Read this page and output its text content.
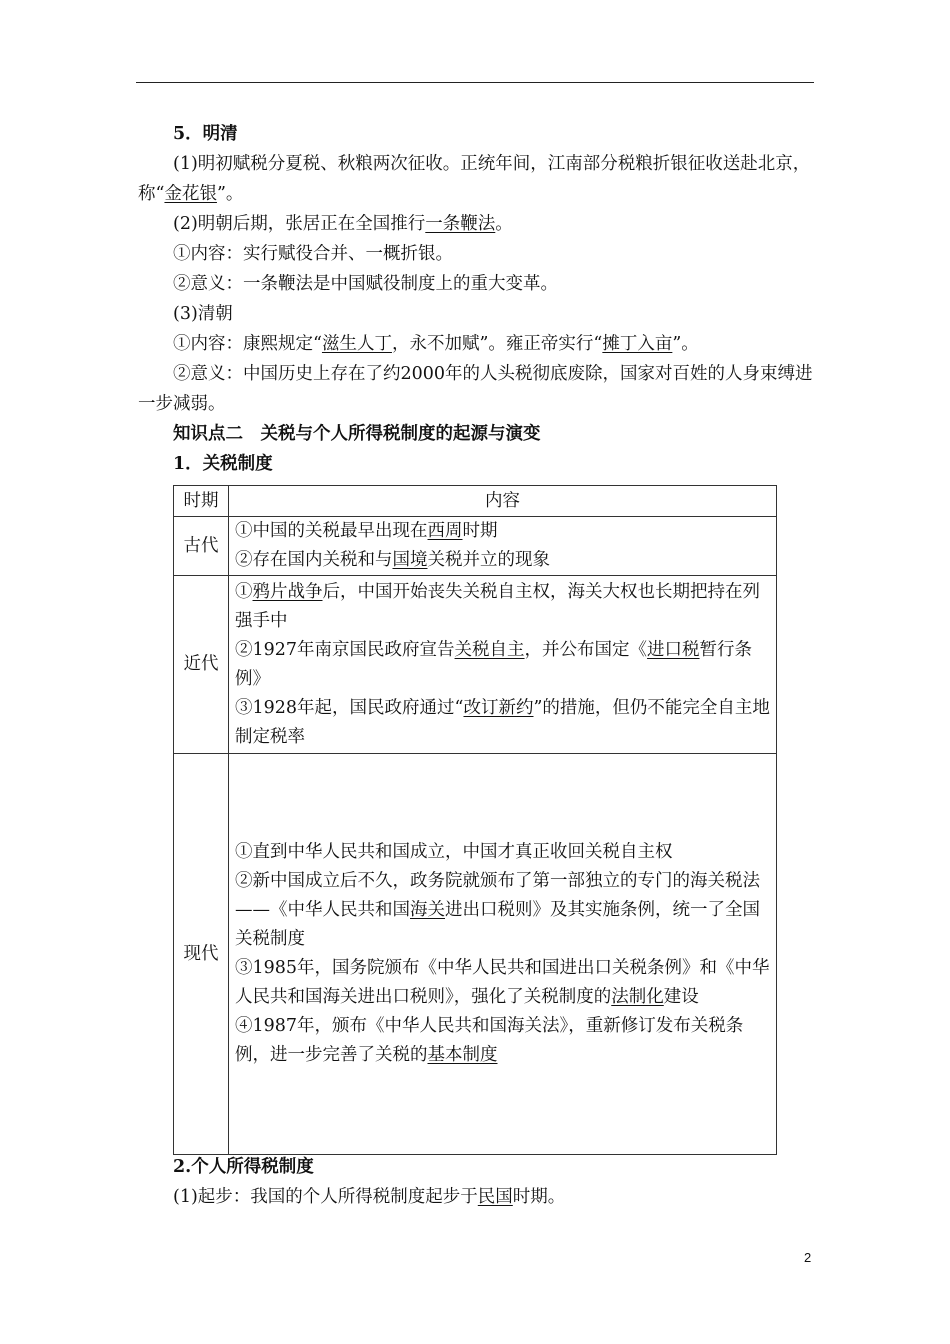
5．明清

(1)明初赋税分夏税、秋粮两次征收。正统年间，江南部分税粮折银征收送赴北京，称“金花银”。

(2)明朝后期，张居正在全国推行一条鞭法。

①内容：实行赋役合并、一概折银。

②意义：一条鞭法是中国赋役制度上的重大变革。

(3)清朝

①内容：康熙规定“滋生人丁，永不加赋”。雍正帝实行“摊丁入亩”。

②意义：中国历史上存在了约2000年的人头税彻底废除，国家对百姓的人身束缚进一步减弱。

知识点二　关税与个人所得税制度的起源与演变

1．关税制度

时期	内容
古代	①中国的关税最早出现在西周时期
②存在国内关税和与国境关税并立的现象

近代	①鸦片战争后，中国开始丧失关税自主权，海关大权也长期把持在列强手中
②1927年南京国民政府宣告关税自主，并公布国定《进口税暂行条例》
③1928年起，国民政府通过“改订新约”的措施，但仍不能完全自主地制定税率

现代	①直到中华人民共和国成立，中国才真正收回关税自主权
②新中国成立后不久，政务院就颁布了第一部独立的专门的海关税法——《中华人民共和国海关进出口税则》及其实施条例，统一了全国关税制度
③1985年，国务院颁布《中华人民共和国进出口关税条例》和《中华人民共和国海关进出口税则》，强化了关税制度的法制化建设
④1987年，颁布《中华人民共和国海关法》，重新修订发布关税条例，进一步完善了关税的基本制度

2.个人所得税制度

(1)起步：我国的个人所得税制度起步于民国时期。

2
